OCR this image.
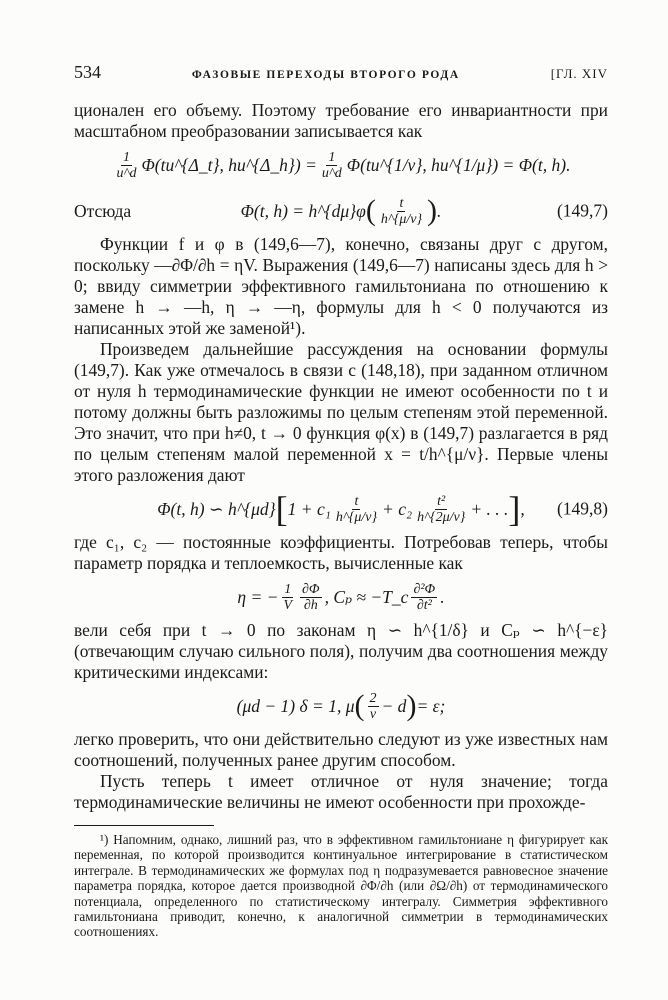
534	ФАЗОВЫЕ ПЕРЕХОДЫ ВТОРОГО РОДА	[ГЛ. XIV

ционален его объему. Поэтому требование его инвариантности при масштабном преобразовании записывается как

$\frac{1}{u\^{}d}$ Φ(tu^{Δ_t}, hu^{Δ_h}) = $\frac{1}{u\^{}d}$ Φ(tu^{1/ν}, hu^{1/μ}) = Φ(t, h).
Отсюда	Φ(t, h) = h^{dμ}φ ( $\frac{t}{h\^{}\{\mu/\nu\}}$ ) .	(149,7)

Функции f и φ в (149,6—7), конечно, связаны друг с другом, поскольку —∂Φ/∂h = ηV. Выражения (149,6—7) написаны здесь для h > 0; ввиду симметрии эффективного гамильтониана по отношению к замене h → —h, η → —η, формулы для h < 0 получаются из написанных этой же заменой¹).

Произведем дальнейшие рассуждения на основании формулы (149,7). Как уже отмечалось в связи с (148,18), при заданном отличном от нуля h термодинамические функции не имеют особенности по t и потому должны быть разложимы по целым степеням этой переменной. Это значит, что при h≠0, t → 0 функция φ(x) в (149,7) разлагается в ряд по целым степеням малой переменной x = t/h^{μ/ν}. Первые члены этого разложения дают

Φ(t, h) ∽ h^{μd} [ $1 + c_1 \frac{t}{h\^{}\{\mu/\nu\}} + c_2 \frac{\text{t²}}{h\^{}\{2\mu/\nu\}}$ + . . . ] , (149,8)

где c₁, c₂ — постоянные коэффициенты. Потребовав теперь, чтобы параметр порядка и теплоемкость, вычисленные как

η = − $\frac{1}{V} \frac{\partial\Phi}{\partial h}$ , Cₚ ≈ −T_c $\frac{\text{∂²Φ}}{\text{∂t²}}$ .

вели себя при t → 0 по законам η ∽ h^{1/δ} и Cₚ ∽ h^{−ε} (отвечающим случаю сильного поля), получим два соотношения между критическими индексами:

(μd − 1) δ = 1, μ ( $\frac{2}{\nu} - d$ ) = ε;

легко проверить, что они действительно следуют из уже известных нам соотношений, полученных ранее другим способом.

Пусть теперь t имеет отличное от нуля значение; тогда термодинамические величины не имеют особенности при прохожде-

¹) Напомним, однако, лишний раз, что в эффективном гамильтониане η фигурирует как переменная, по которой производится континуальное интегрирование в статистическом интеграле. В термодинамических же формулах под η подразумевается равновесное значение параметра порядка, которое дается производной ∂Φ/∂h (или ∂Ω/∂h) от термодинамического потенциала, определенного по статистическому интегралу. Симметрия эффективного гамильтониана приводит, конечно, к аналогичной симметрии в термодинамических соотношениях.
